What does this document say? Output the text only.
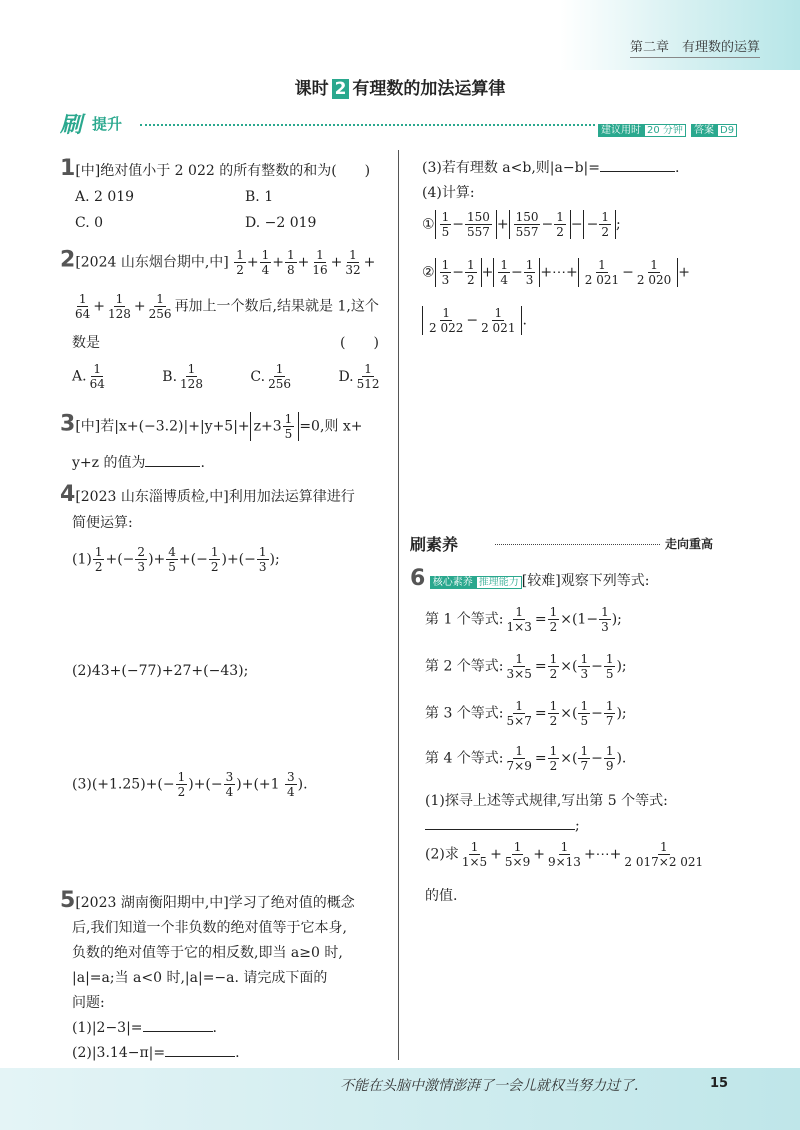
第二章　有理数的运算
课时 2 有理数的加法运算律
刷 提升	建议用时 20 分钟 答案 D9
1[中]绝对值小于 2 022 的所有整数的和为(　　)
A. 2 019	B. 1
C. 0	D. −2 019
2[2024 山东烟台期中,中] $\frac{1}{2} + \frac{1}{4} + \frac{1}{8} + \frac{1}{16} + \frac{1}{32}$ +
$\frac{1}{64} + \frac{1}{128} + \frac{1}{256}$ 再加上一个数后,结果就是 1,这个
数是	(　　)
A. $\frac{1}{64}$	B. $\frac{1}{128}$	C. $\frac{1}{256}$	D. $\frac{1}{512}$
3[中]若$|x+(-3.2)|+|y+5|+ z+3 \frac{1}{5} =0$,则 x+
y+z 的值为	.
4[2023 山东淄博质检,中]利用加法运算律进行
简便运算:
$(1) \frac{1}{2}$ +(− $\frac{2}{3}$ )+ $\frac{4}{5}$ +(− $\frac{1}{2}$ )+(− $\frac{1}{3}$ );
(2)43+(−77)+27+(−43);
$(3)(+1.25)+(- \frac{1}{2}$ )+(− $\frac{3}{4} )+(+1 \frac{3}{4}$ ).
5[2023 湖南衡阳期中,中]学习了绝对值的概念
后,我们知道一个非负数的绝对值等于它本身,
负数的绝对值等于它的相反数,即当 a≥0 时,
|a|=a;当 a<0 时,|a|=−a. 请完成下面的
问题:
(1)|2−3|=	.
(2)|3.14−π|=	.
(3)若有理数 a<b,则|a−b|=	.
(4)计算:
① $\frac{1}{5} - \frac{150}{557} + \frac{150}{557} - \frac{1}{2}$ − − $\frac{1}{2}$ ;
② $\frac{1}{3} - \frac{1}{2} + \frac{1}{4} - \frac{1}{3}$ +⋯+ $\frac{1}{2 021} - \frac{1}{2 020}$ +
$\frac{1}{2 022} - \frac{1}{2 021}$ .
刷素养	走向重高
6 核心素养 推理能力 [较难]观察下列等式:
第 1 个等式: $\frac{1}{1\times 3} = \frac{1}{2} \times(1- \frac{1}{3}$ );
第 2 个等式: $\frac{1}{3\times 5} = \frac{1}{2}$ ×( $\frac{1}{3} - \frac{1}{5}$ );
第 3 个等式: $\frac{1}{5\times 7} = \frac{1}{2}$ ×( $\frac{1}{5} - \frac{1}{7}$ );
第 4 个等式: $\frac{1}{7\times 9} = \frac{1}{2}$ ×( $\frac{1}{7} - \frac{1}{9}$ ).
(1)探寻上述等式规律,写出第 5 个等式:
;
(2)求 $\frac{1}{1\times 5} + \frac{1}{5\times 9} + \frac{1}{9\times 13}$ +⋯+ $\frac{1}{2 017\times 2 021}$
的值.
不能在头脑中激情澎湃了一会儿就权当努力过了.	15
